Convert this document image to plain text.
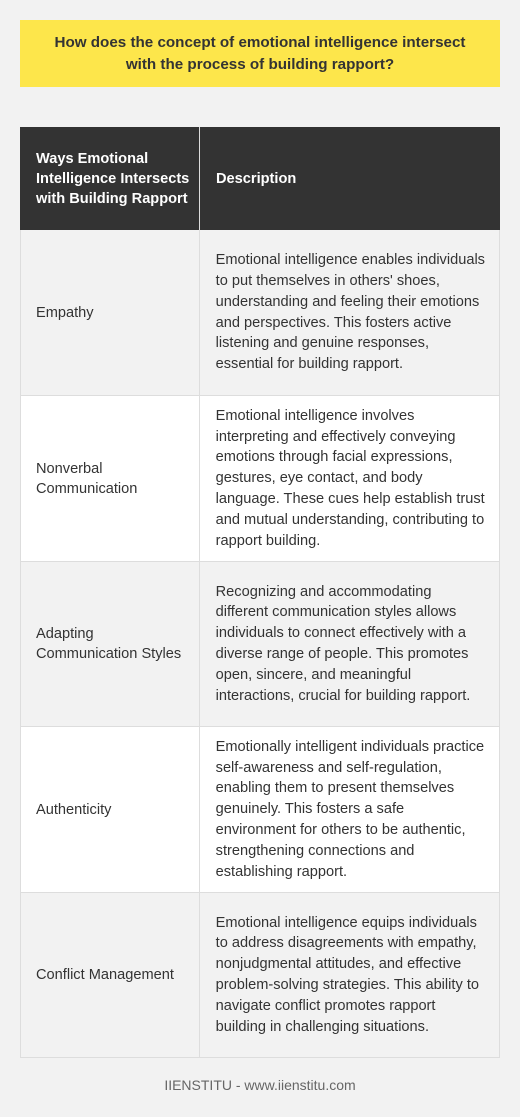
How does the concept of emotional intelligence intersect with the process of building rapport?
Ways Emotional Intelligence Intersects with Building Rapport
Description
Empathy
Emotional intelligence enables individuals to put themselves in others' shoes, understanding and feeling their emotions and perspectives. This fosters active listening and genuine responses, essential for building rapport.
Nonverbal Communication
Emotional intelligence involves interpreting and effectively conveying emotions through facial expressions, gestures, eye contact, and body language. These cues help establish trust and mutual understanding, contributing to rapport building.
Adapting Communication Styles
Recognizing and accommodating different communication styles allows individuals to connect effectively with a diverse range of people. This promotes open, sincere, and meaningful interactions, crucial for building rapport.
Authenticity
Emotionally intelligent individuals practice self-awareness and self-regulation, enabling them to present themselves genuinely. This fosters a safe environment for others to be authentic, strengthening connections and establishing rapport.
Conflict Management
Emotional intelligence equips individuals to address disagreements with empathy, nonjudgmental attitudes, and effective problem-solving strategies. This ability to navigate conflict promotes rapport building in challenging situations.
IIENSTITU - www.iienstitu.com
